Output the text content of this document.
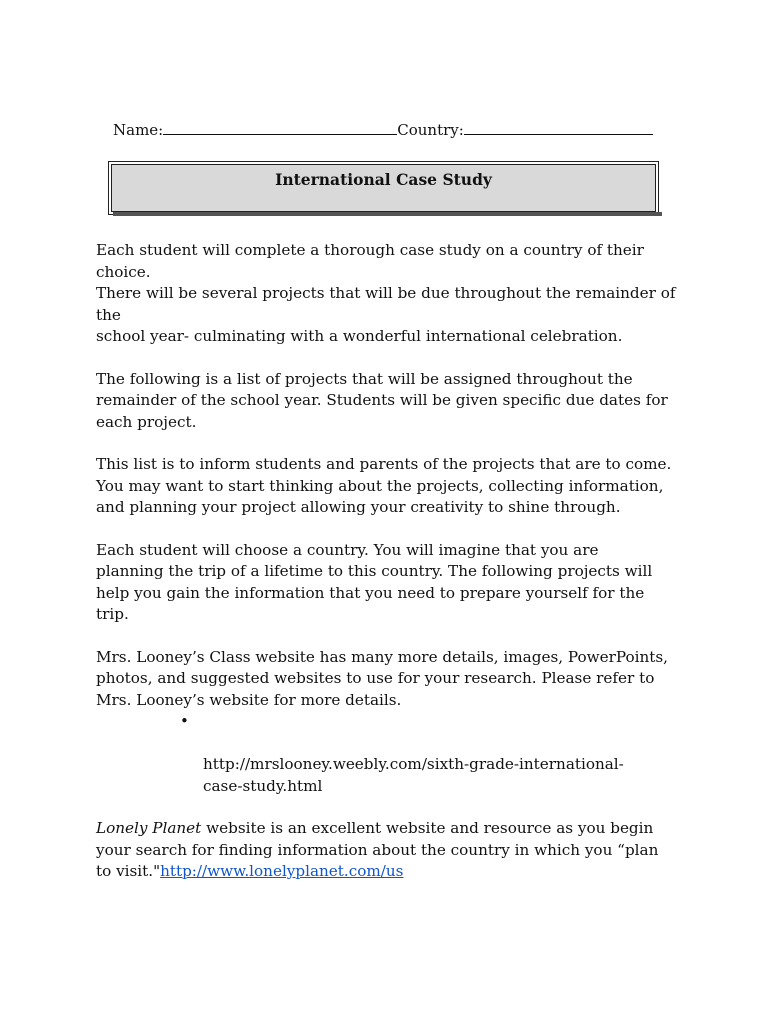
Name:	Country:
International Case Study

Each student will complete a thorough case study on a country of their choice.
There will be several projects that will be due throughout the remainder of the
school year- culminating with a wonderful international celebration.

The following is a list of projects that will be assigned throughout the
remainder of the school year. Students will be given specific due dates for
each project.

This list is to inform students and parents of the projects that are to come.
You may want to start thinking about the projects, collecting information,
and planning your project allowing your creativity to shine through.

Each student will choose a country. You will imagine that you are
planning the trip of a lifetime to this country. The following projects will
help you gain the information that you need to prepare yourself for the
trip.

Mrs. Looney’s Class website has many more details, images, PowerPoints,
photos, and suggested websites to use for your research. Please refer to
Mrs. Looney’s website for more details.

•

http://mrslooney.weebly.com/sixth-grade-international-
case-study.html

Lonely Planet website is an excellent website and resource as you begin
your search for finding information about the country in which you “plan
to visit."http://www.lonelyplanet.com/us
